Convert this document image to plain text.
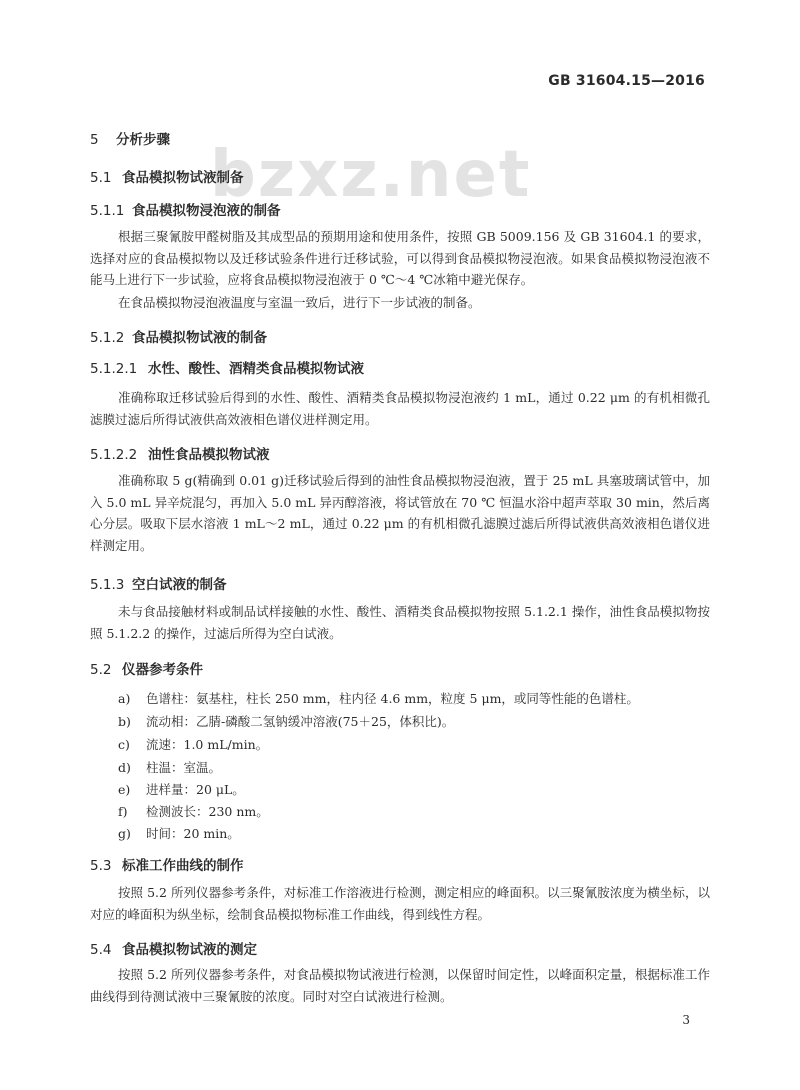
GB 31604.15—2016
bzxz.net
5 分析步骤
5.1 食品模拟物试液制备
5.1.1 食品模拟物浸泡液的制备
根据三聚氰胺甲醛树脂及其成型品的预期用途和使用条件，按照 GB 5009.156 及 GB 31604.1 的要求，选择对应的食品模拟物以及迁移试验条件进行迁移试验，可以得到食品模拟物浸泡液。如果食品模拟物浸泡液不能马上进行下一步试验，应将食品模拟物浸泡液于 0 ℃～4 ℃冰箱中避光保存。
在食品模拟物浸泡液温度与室温一致后，进行下一步试液的制备。
5.1.2 食品模拟物试液的制备
5.1.2.1 水性、酸性、酒精类食品模拟物试液
准确称取迁移试验后得到的水性、酸性、酒精类食品模拟物浸泡液约 1 mL，通过 0.22 μm 的有机相微孔滤膜过滤后所得试液供高效液相色谱仪进样测定用。
5.1.2.2 油性食品模拟物试液
准确称取 5 g(精确到 0.01 g)迁移试验后得到的油性食品模拟物浸泡液，置于 25 mL 具塞玻璃试管中，加入 5.0 mL 异辛烷混匀，再加入 5.0 mL 异丙醇溶液，将试管放在 70 ℃ 恒温水浴中超声萃取 30 min，然后离心分层。吸取下层水溶液 1 mL～2 mL，通过 0.22 μm 的有机相微孔滤膜过滤后所得试液供高效液相色谱仪进样测定用。
5.1.3 空白试液的制备
未与食品接触材料或制品试样接触的水性、酸性、酒精类食品模拟物按照 5.1.2.1 操作，油性食品模拟物按照 5.1.2.2 的操作，过滤后所得为空白试液。
5.2 仪器参考条件
a) 色谱柱：氨基柱，柱长 250 mm，柱内径 4.6 mm，粒度 5 μm，或同等性能的色谱柱。
b) 流动相：乙腈-磷酸二氢钠缓冲溶液(75＋25，体积比)。
c) 流速：1.0 mL/min。
d) 柱温：室温。
e) 进样量：20 μL。
f) 检测波长：230 nm。
g) 时间：20 min。
5.3 标准工作曲线的制作
按照 5.2 所列仪器参考条件，对标准工作溶液进行检测，测定相应的峰面积。以三聚氰胺浓度为横坐标，以对应的峰面积为纵坐标，绘制食品模拟物标准工作曲线，得到线性方程。
5.4 食品模拟物试液的测定
按照 5.2 所列仪器参考条件，对食品模拟物试液进行检测，以保留时间定性，以峰面积定量，根据标准工作曲线得到待测试液中三聚氰胺的浓度。同时对空白试液进行检测。
3
